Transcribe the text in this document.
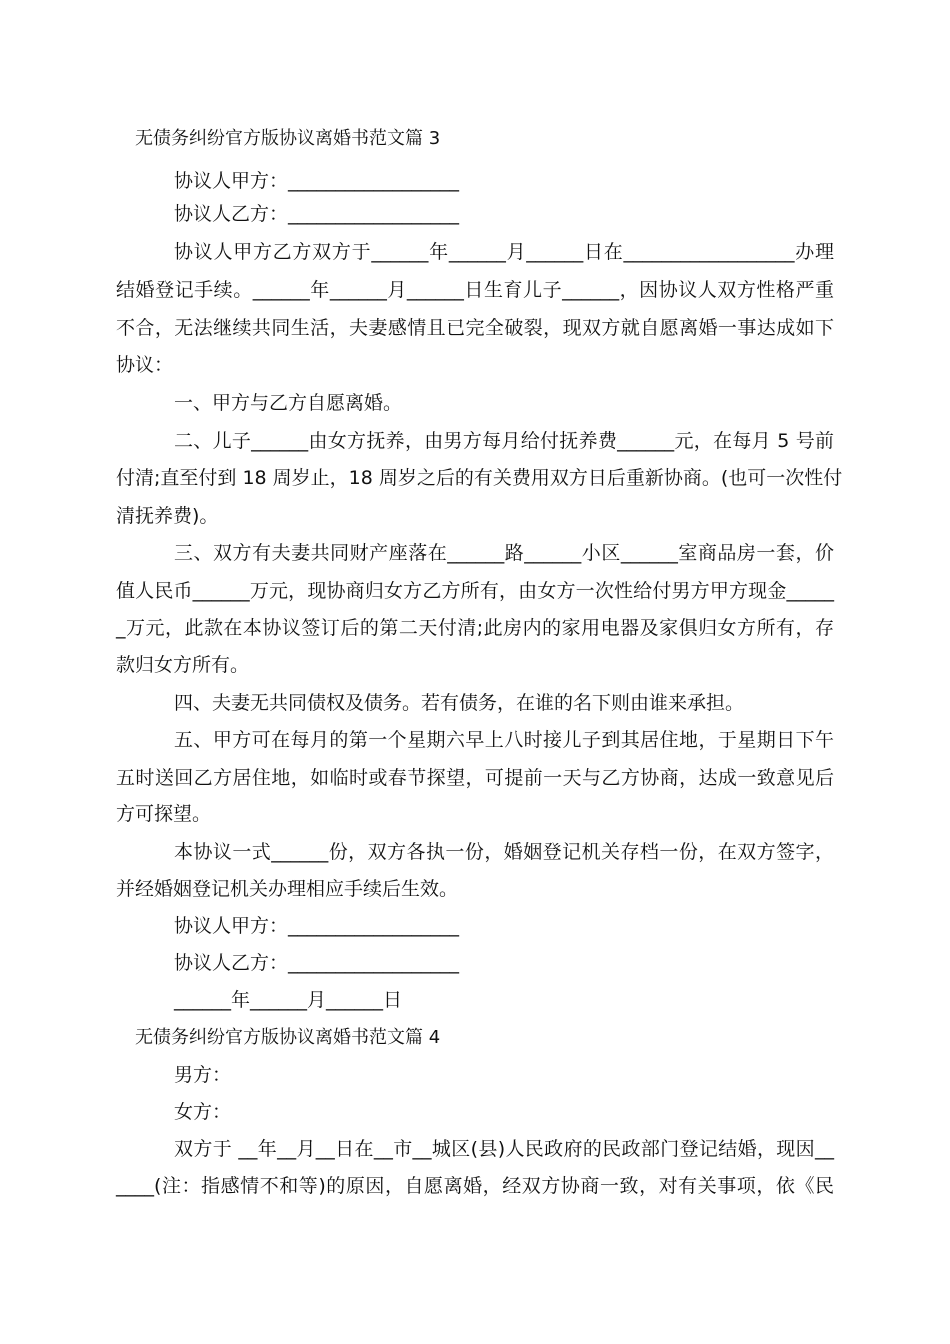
无债务纠纷官方版协议离婚书范文篇 3
协议人甲方：__________________
协议人乙方：__________________
协议人甲方乙方双方于______年______月______日在__________________办理
结婚登记手续。______年______月______日生育儿子______，因协议人双方性格严重
不合，无法继续共同生活，夫妻感情且已完全破裂，现双方就自愿离婚一事达成如下
协议：
一、甲方与乙方自愿离婚。
二、儿子______由女方抚养，由男方每月给付抚养费______元，在每月 5 号前
付清;直至付到 18 周岁止，18 周岁之后的有关费用双方日后重新协商。(也可一次性付
清抚养费)。
三、双方有夫妻共同财产座落在______路______小区______室商品房一套，价
值人民币______万元，现协商归女方乙方所有，由女方一次性给付男方甲方现金_____
_万元，此款在本协议签订后的第二天付清;此房内的家用电器及家俱归女方所有，存
款归女方所有。
四、夫妻无共同债权及债务。若有债务，在谁的名下则由谁来承担。
五、甲方可在每月的第一个星期六早上八时接儿子到其居住地，于星期日下午
五时送回乙方居住地，如临时或春节探望，可提前一天与乙方协商，达成一致意见后
方可探望。
本协议一式______份，双方各执一份，婚姻登记机关存档一份，在双方签字，
并经婚姻登记机关办理相应手续后生效。
协议人甲方：__________________
协议人乙方：__________________
______年______月______日
无债务纠纷官方版协议离婚书范文篇 4
男方：
女方：
双方于 __年__月__日在__市__城区(县)人民政府的民政部门登记结婚，现因__
____(注：指感情不和等)的原因，自愿离婚，经双方协商一致，对有关事项，依《民
